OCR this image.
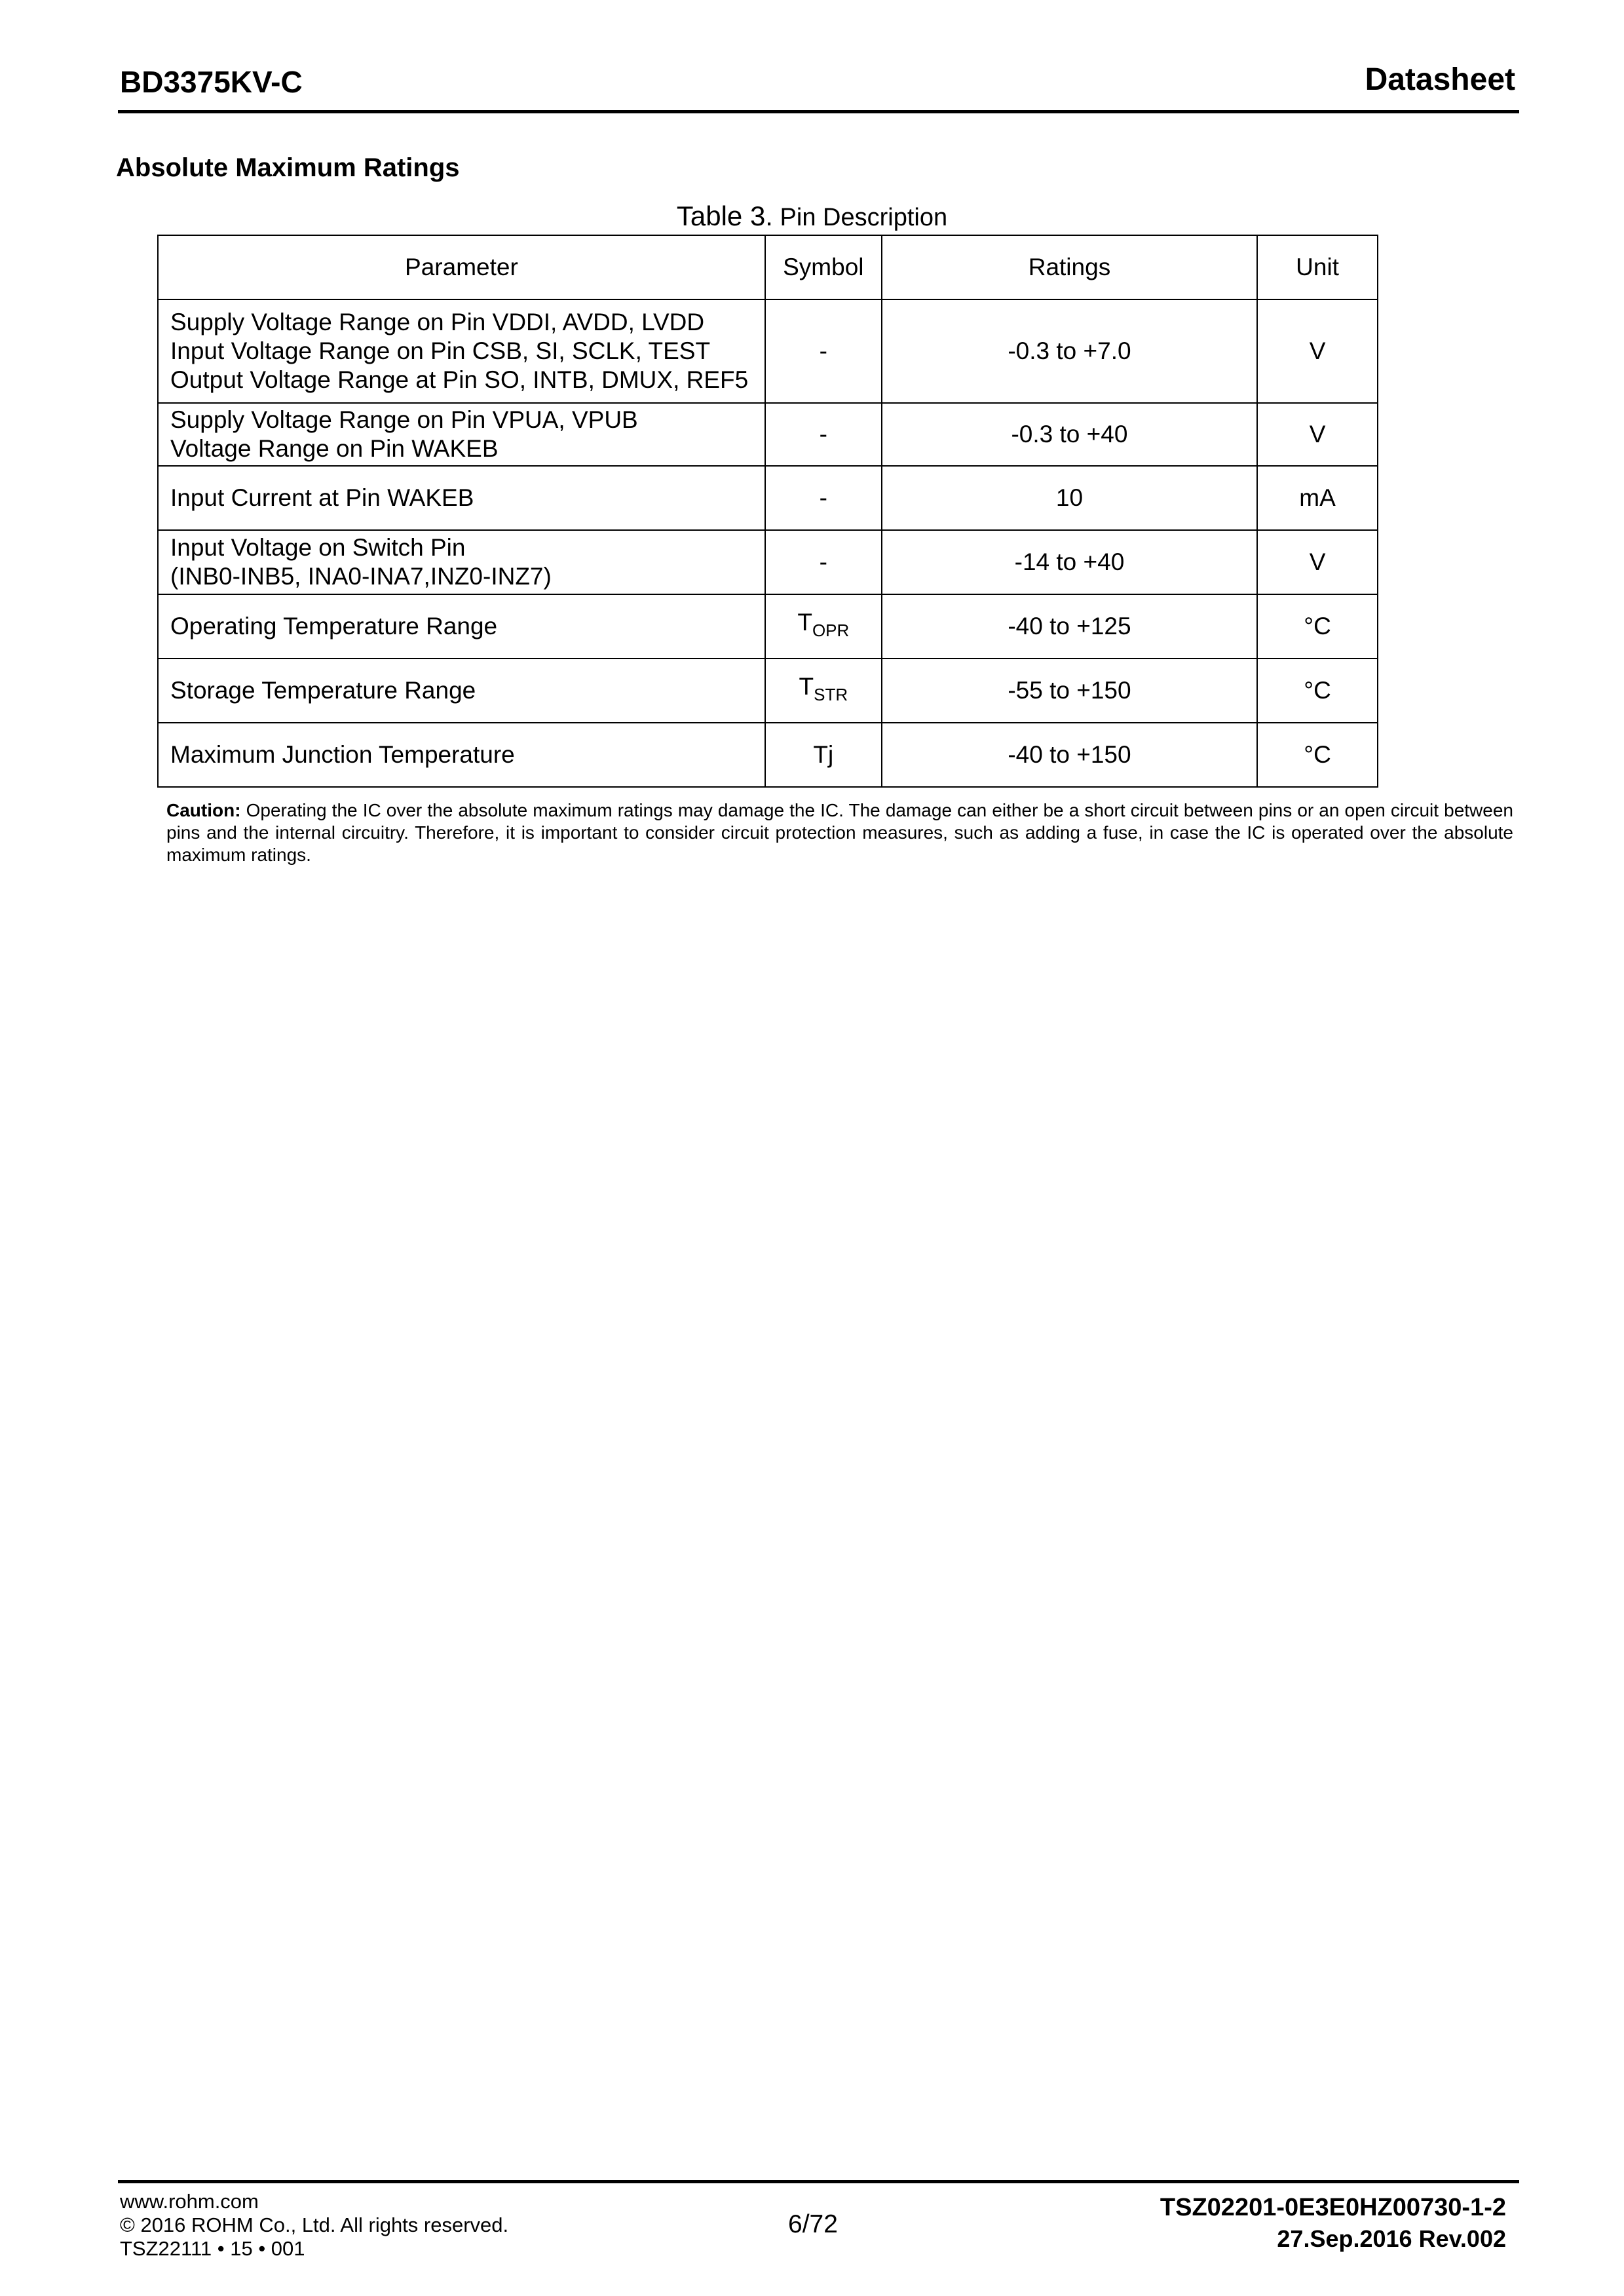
BD3375KV-C	Datasheet
Absolute Maximum Ratings
Table 3. Pin Description
Parameter	Symbol	Ratings	Unit

Supply Voltage Range on Pin VDDI, AVDD, LVDD
Input Voltage Range on Pin CSB, SI, SCLK, TEST
Output Voltage Range at Pin SO, INTB, DMUX, REF5	-	-0.3 to +7.0	V

Supply Voltage Range on Pin VPUA, VPUB
Voltage Range on Pin WAKEB	-	-0.3 to +40	V

Input Current at Pin WAKEB	-	10	mA

Input Voltage on Switch Pin
(INB0-INB5, INA0-INA7,INZ0-INZ7)	-	-14 to +40	V

Operating Temperature Range	$T_{OPR}$	-40 to +125	°C

Storage Temperature Range	$T_{STR}$	-55 to +150	°C

Maximum Junction Temperature	Tj	-40 to +150	°C
Caution: Operating the IC over the absolute maximum ratings may damage the IC. The damage can either be a short circuit between pins or an open circuit between pins and the internal circuitry. Therefore, it is important to consider circuit protection measures, such as adding a fuse, in case the IC is operated over the absolute maximum ratings.
www.rohm.com
© 2016 ROHM Co., Ltd. All rights reserved.
TSZ22111 • 15 • 001
6/72
TSZ02201-0E3E0HZ00730-1-2
27.Sep.2016 Rev.002
